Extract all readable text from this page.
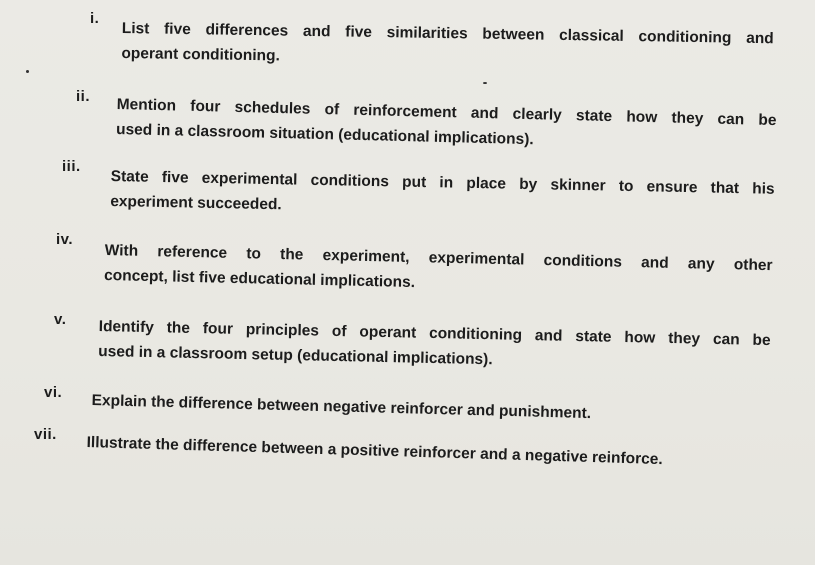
i.
List five differences and five similarities between classical conditioning and
operant conditioning.
ii. Mention four schedules of reinforcement and clearly state how they can be
used in a classroom situation (educational implications).
iii.
State five experimental conditions put in place by skinner to ensure that his
experiment succeeded.
iv.
With reference to the experiment, experimental conditions and any other
concept, list five educational implications.
v. Identify the four principles of operant conditioning and state how they can be
used in a classroom setup (educational implications).
vi. Explain the difference between negative reinforcer and punishment.
vii. Illustrate the difference between a positive reinforcer and a negative reinforce.
